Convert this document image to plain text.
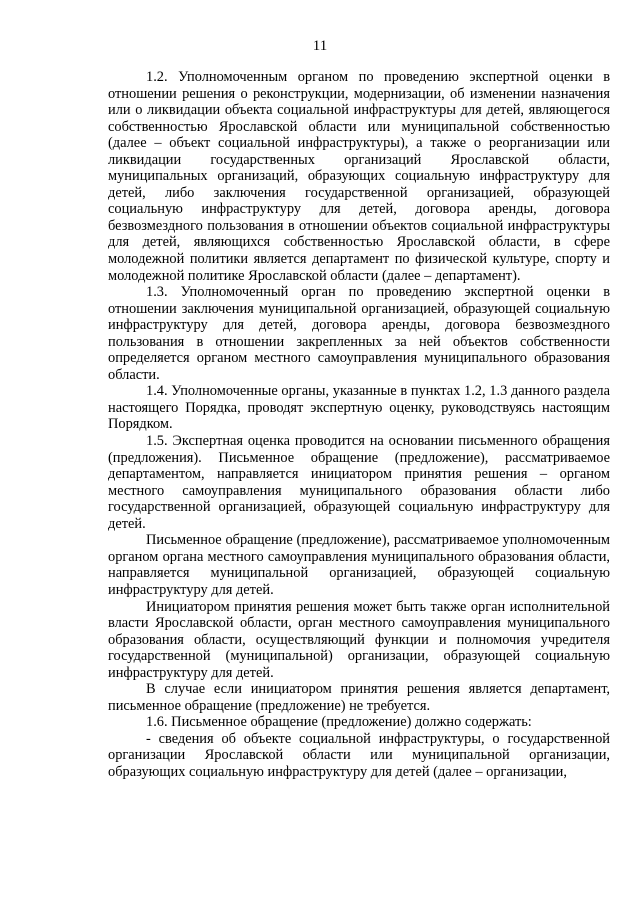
11

1.2. Уполномоченным органом по проведению экспертной оценки в отношении решения о реконструкции, модернизации, об изменении назначения или о ликвидации объекта социальной инфраструктуры для детей, являющегося собственностью Ярославской области или муниципальной собственностью (далее – объект социальной инфраструктуры), а также о реорганизации или ликвидации государственных организаций Ярославской области, муниципальных организаций, образующих социальную инфраструктуру для детей, либо заключения государственной организацией, образующей социальную инфраструктуру для детей, договора аренды, договора безвозмездного пользования в отношении объектов социальной инфраструктуры для детей, являющихся собственностью Ярославской области, в сфере молодежной политики является департамент по физической культуре, спорту и молодежной политике Ярославской области (далее – департамент).

1.3. Уполномоченный орган по проведению экспертной оценки в отношении заключения муниципальной организацией, образующей социальную инфраструктуру для детей, договора аренды, договора безвозмездного пользования в отношении закрепленных за ней объектов собственности определяется органом местного самоуправления муниципального образования области.

1.4. Уполномоченные органы, указанные в пунктах 1.2, 1.3 данного раздела настоящего Порядка, проводят экспертную оценку, руководствуясь настоящим Порядком.

1.5. Экспертная оценка проводится на основании письменного обращения (предложения). Письменное обращение (предложение), рассматриваемое департаментом, направляется инициатором принятия решения – органом местного самоуправления муниципального образования области либо государственной организацией, образующей социальную инфраструктуру для детей.

Письменное обращение (предложение), рассматриваемое уполномоченным органом органа местного самоуправления муниципального образования области, направляется муниципальной организацией, образующей социальную инфраструктуру для детей.

Инициатором принятия решения может быть также орган исполнительной власти Ярославской области, орган местного самоуправления муниципального образования области, осуществляющий функции и полномочия учредителя государственной (муниципальной) организации, образующей социальную инфраструктуру для детей.

В случае если инициатором принятия решения является департамент, письменное обращение (предложение) не требуется.

1.6. Письменное обращение (предложение) должно содержать:

- сведения об объекте социальной инфраструктуры, о государственной организации Ярославской области или муниципальной организации, образующих социальную инфраструктуру для детей (далее – организации,
